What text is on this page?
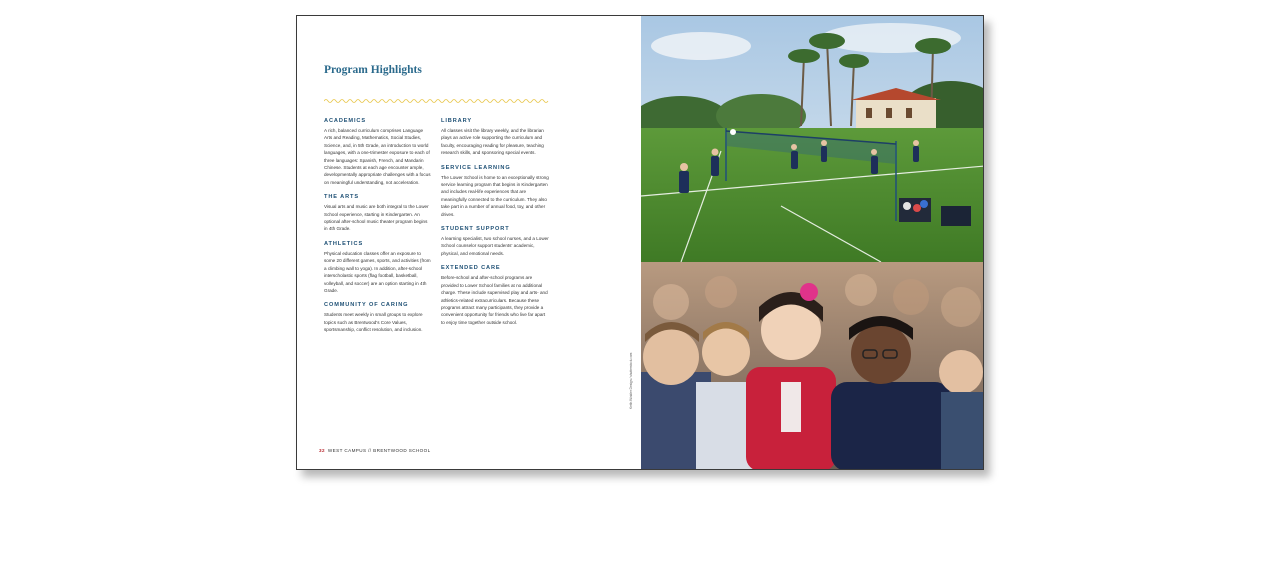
Program Highlights
ACADEMICS

A rich, balanced curriculum comprises Language Arts and Reading, Mathematics, Social Studies, Science, and, in 5th Grade, an introduction to world languages, with a one-trimester exposure to each of three languages: Spanish, French, and Mandarin Chinese. Students at each age encounter ample, developmentally appropriate challenges with a focus on meaningful understanding, not acceleration.

THE ARTS

Visual arts and music are both integral to the Lower School experience, starting in Kindergarten. An optional after-school music theater program begins in 4th Grade.

ATHLETICS

Physical education classes offer an exposure to some 20 different games, sports, and activities (from a climbing wall to yoga). In addition, after-school interscholastic sports (flag football, basketball, volleyball, and soccer) are an option starting in 4th Grade.

COMMUNITY OF CARING

Students meet weekly in small groups to explore topics such as Brentwood's Core Values, sportsmanship, conflict resolution, and inclusion.

LIBRARY

All classes visit the library weekly, and the librarian plays an active role supporting the curriculum and faculty, encouraging reading for pleasure, teaching research skills, and sponsoring special events.

SERVICE LEARNING

The Lower School is home to an exceptionally strong service learning program that begins in Kindergarten and includes real-life experiences that are meaningfully connected to the curriculum. They also take part in a number of annual food, toy, and other drives.

STUDENT SUPPORT

A learning specialist, two school nurses, and a Lower School counselor support students' academic, physical, and emotional needs.

EXTENDED CARE

Before-school and after-school programs are provided to Lower School families at no additional charge. These include supervised play and arts- and athletics-related extracurriculars. Because these programs attract many participants, they provide a convenient opportunity for friends who live far apart to enjoy time together outside school.

32 WEST CAMPUS // BRENTWOOD SCHOOL
Keith Winkler Design / shutterstock.com
